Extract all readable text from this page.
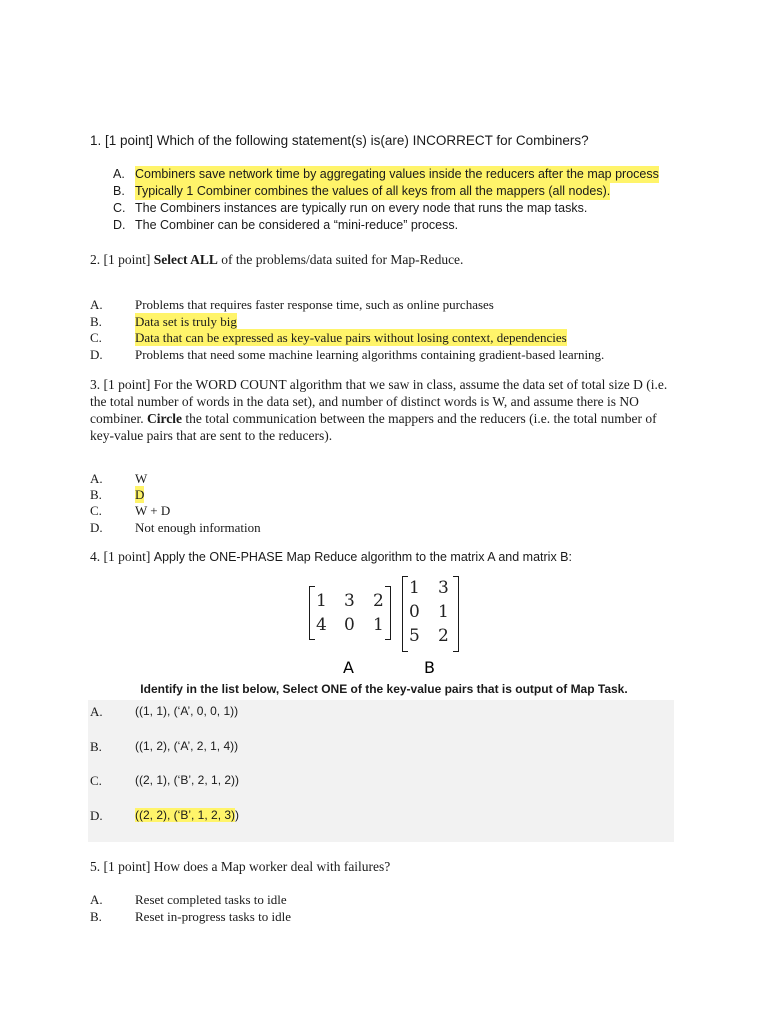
1. [1 point] Which of the following statement(s) is(are) INCORRECT for Combiners?
A. Combiners save network time by aggregating values inside the reducers after the map process
B. Typically 1 Combiner combines the values of all keys from all the mappers (all nodes).
C. The Combiners instances are typically run on every node that runs the map tasks.
D. The Combiner can be considered a “mini-reduce” process.
2. [1 point] Select ALL of the problems/data suited for Map-Reduce.
A.	Problems that requires faster response time, such as online purchases
B.	Data set is truly big
C.	Data that can be expressed as key-value pairs without losing context, dependencies
D.	Problems that need some machine learning algorithms containing gradient-based learning.
3. [1 point] For the WORD COUNT algorithm that we saw in class, assume the data set of total size D (i.e. the total number of words in the data set), and number of distinct words is W, and assume there is NO combiner. Circle the total communication between the mappers and the reducers (i.e. the total number of key-value pairs that are sent to the reducers).
A.	W
B.	D
C.	W + D
D.	Not enough information
4. [1 point] Apply the ONE-PHASE Map Reduce algorithm to the matrix A and matrix B:
1 3 2
4 0 1
1 3
0 1
5 2
A	B
Identify in the list below, Select ONE of the key-value pairs that is output of Map Task.
A.	((1, 1), (‘A’, 0, 0, 1))
B.	((1, 2), (‘A’, 2, 1, 4))
C.	((2, 1), (‘B’, 2, 1, 2))
D.	((2, 2), (‘B’, 1, 2, 3))
5. [1 point] How does a Map worker deal with failures?
A.	Reset completed tasks to idle
B.	Reset in-progress tasks to idle
